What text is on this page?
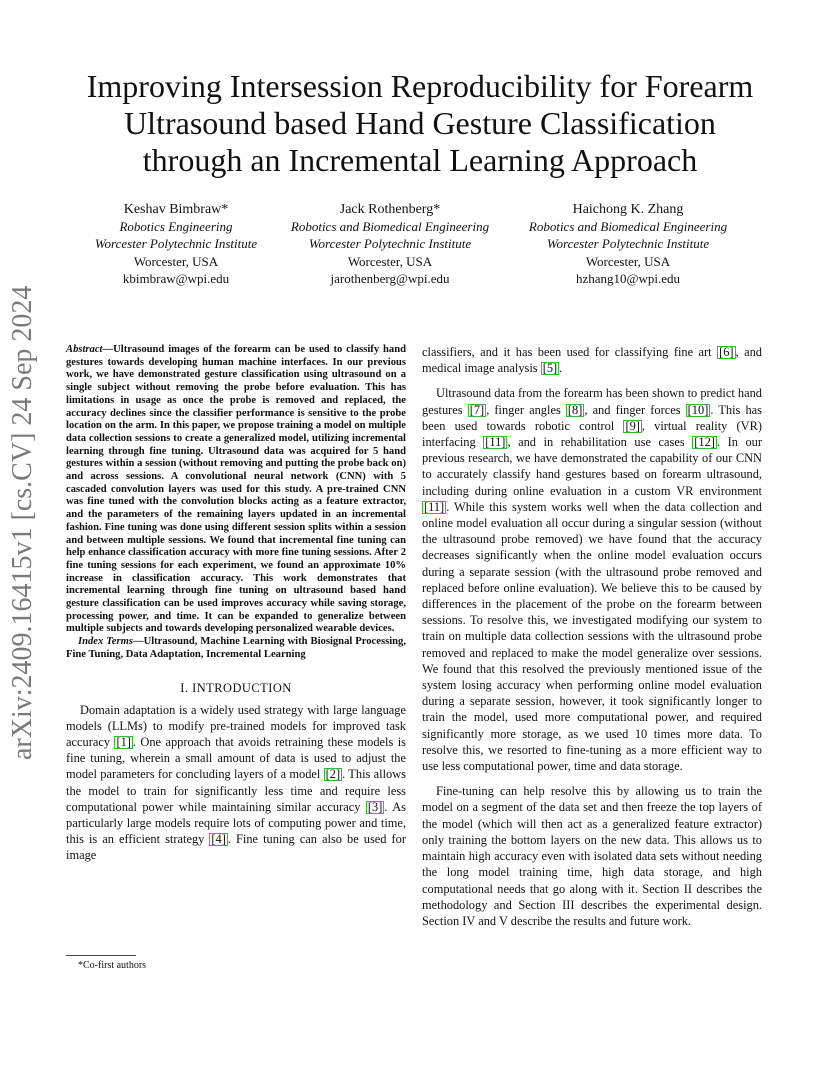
arXiv:2409.16415v1 [cs.CV] 24 Sep 2024
Improving Intersession Reproducibility for Forearm
Ultrasound based Hand Gesture Classification
through an Incremental Learning Approach
Keshav Bimbraw*
Robotics Engineering
Worcester Polytechnic Institute
Worcester, USA
kbimbraw@wpi.edu
Jack Rothenberg*
Robotics and Biomedical Engineering
Worcester Polytechnic Institute
Worcester, USA
jarothenberg@wpi.edu
Haichong K. Zhang
Robotics and Biomedical Engineering
Worcester Polytechnic Institute
Worcester, USA
hzhang10@wpi.edu

Abstract—Ultrasound images of the forearm can be used to classify hand gestures towards developing human machine interfaces. In our previous work, we have demonstrated gesture classification using ultrasound on a single subject without removing the probe before evaluation. This has limitations in usage as once the probe is removed and replaced, the accuracy declines since the classifier performance is sensitive to the probe location on the arm. In this paper, we propose training a model on multiple data collection sessions to create a generalized model, utilizing incremental learning through fine tuning. Ultrasound data was acquired for 5 hand gestures within a session (without removing and putting the probe back on) and across sessions. A convolutional neural network (CNN) with 5 cascaded convolution layers was used for this study. A pre-trained CNN was fine tuned with the convolution blocks acting as a feature extractor, and the parameters of the remaining layers updated in an incremental fashion. Fine tuning was done using different session splits within a session and between multiple sessions. We found that incremental fine tuning can help enhance classification accuracy with more fine tuning sessions. After 2 fine tuning sessions for each experiment, we found an approximate 10% increase in classification accuracy. This work demonstrates that incremental learning through fine tuning on ultrasound based hand gesture classification can be used improves accuracy while saving storage, processing power, and time. It can be expanded to generalize between multiple subjects and towards developing personalized wearable devices.

Index Terms—Ultrasound, Machine Learning with Biosignal Processing, Fine Tuning, Data Adaptation, Incremental Learning

I. INTRODUCTION

Domain adaptation is a widely used strategy with large language models (LLMs) to modify pre-trained models for improved task accuracy [1] . One approach that avoids retraining these models is fine tuning, wherein a small amount of data is used to adjust the model parameters for concluding layers of a model [2] . This allows the model to train for significantly less time and require less computational power while maintaining similar accuracy [3] . As particularly large models require lots of computing power and time, this is an efficient strategy [4] . Fine tuning can also be used for image

*Co-first authors

classifiers, and it has been used for classifying fine art [6] , and medical image analysis [5] .

Ultrasound data from the forearm has been shown to predict hand gestures [7] , finger angles [8] , and finger forces [10] . This has been used towards robotic control [9] , virtual reality (VR) interfacing [11] , and in rehabilitation use cases [12] . In our previous research, we have demonstrated the capability of our CNN to accurately classify hand gestures based on forearm ultrasound, including during online evaluation in a custom VR environment [11] . While this system works well when the data collection and online model evaluation all occur during a singular session (without the ultrasound probe removed) we have found that the accuracy decreases significantly when the online model evaluation occurs during a separate session (with the ultrasound probe removed and replaced before online evaluation). We believe this to be caused by differences in the placement of the probe on the forearm between sessions. To resolve this, we investigated modifying our system to train on multiple data collection sessions with the ultrasound probe removed and replaced to make the model generalize over sessions. We found that this resolved the previously mentioned issue of the system losing accuracy when performing online model evaluation during a separate session, however, it took significantly longer to train the model, used more computational power, and required significantly more storage, as we used 10 times more data. To resolve this, we resorted to fine-tuning as a more efficient way to use less computational power, time and data storage.

Fine-tuning can help resolve this by allowing us to train the model on a segment of the data set and then freeze the top layers of the model (which will then act as a generalized feature extractor) only training the bottom layers on the new data. This allows us to maintain high accuracy even with isolated data sets without needing the long model training time, high data storage, and high computational needs that go along with it. Section II describes the methodology and Section III describes the experimental design. Section IV and V describe the results and future work.
